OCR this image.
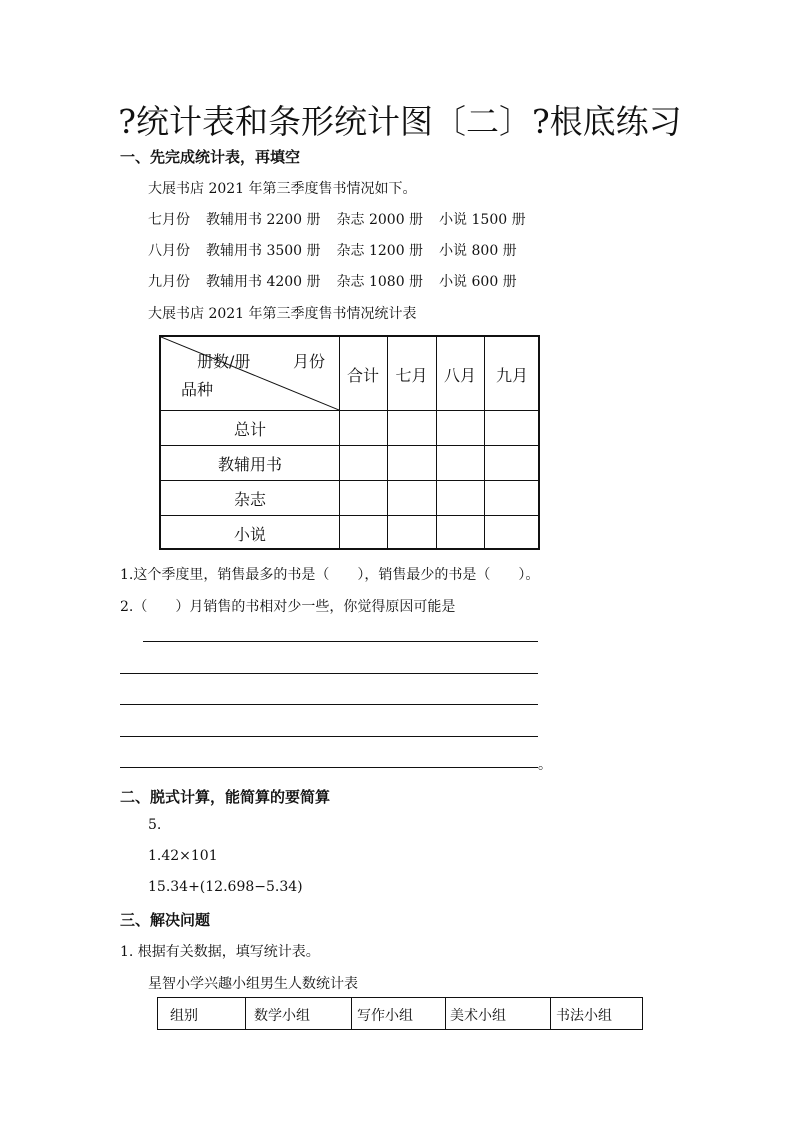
?统计表和条形统计图〔二〕?根底练习
一、先完成统计表，再填空
大展书店 2021 年第三季度售书情况如下。
七月份 教辅用书 2200 册 杂志 2000 册 小说 1500 册
八月份 教辅用书 3500 册 杂志 1200 册 小说 800 册
九月份 教辅用书 4200 册 杂志 1080 册 小说 600 册
大展书店 2021 年第三季度售书情况统计表
册数/册	月份
品种
合计	七月	八月	九月
总计
教辅用书
杂志
小说
1.这个季度里，销售最多的书是（　　），销售最少的书是（　　）。
2.（　　）月销售的书相对少一些，你觉得原因可能是
。
二、脱式计算，能简算的要简算
5.
1.42×101
15.34+(12.698−5.34)
三、解决问题
1. 根据有关数据，填写统计表。
星智小学兴趣小组男生人数统计表
组别	数学小组	写作小组	美术小组	书法小组
